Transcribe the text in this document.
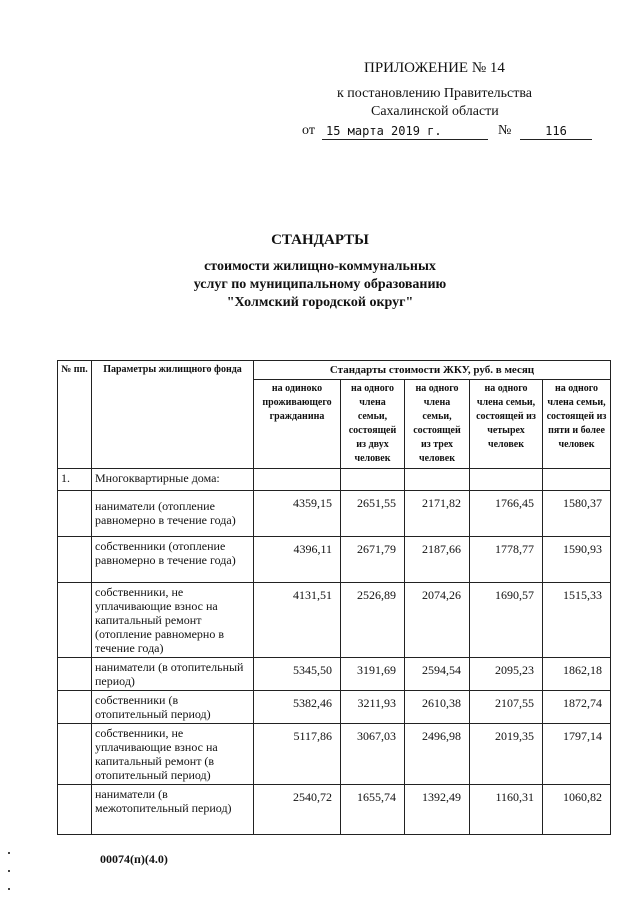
ПРИЛОЖЕНИЕ № 14
к постановлению Правительства
Сахалинской области
от 15 марта 2019 г.	№	116
СТАНДАРТЫ
стоимости жилищно-коммунальных
услуг по муниципальному образованию
"Холмский городской округ"
№ пп.	Параметры жилищного фонда	Стандарты стоимости ЖКУ, руб. в месяц				
		на одиноко проживающего гражданина	на одного члена семьи, состоящей из двух человек	на одного члена семьи, состоящей из трех человек	на одного члена семьи, состоящей из четырех человек	на одного члена семьи, состоящей из пяти и более человек
1.	Многоквартирные дома:					
	наниматели (отопление равномерно в течение года)	4359,15	2651,55	2171,82	1766,45	1580,37
	собственники (отопление равномерно в течение года)	4396,11	2671,79	2187,66	1778,77	1590,93
	собственники, не уплачивающие взнос на капитальный ремонт (отопление равномерно в течение года)	4131,51	2526,89	2074,26	1690,57	1515,33
	наниматели (в отопительный период)	5345,50	3191,69	2594,54	2095,23	1862,18
	собственники (в отопительный период)	5382,46	3211,93	2610,38	2107,55	1872,74
	собственники, не уплачивающие взнос на капитальный ремонт (в отопительный период)	5117,86	3067,03	2496,98	2019,35	1797,14
	наниматели (в межотопительный период)	2540,72	1655,74	1392,49	1160,31	1060,82
00074(п)(4.0)
